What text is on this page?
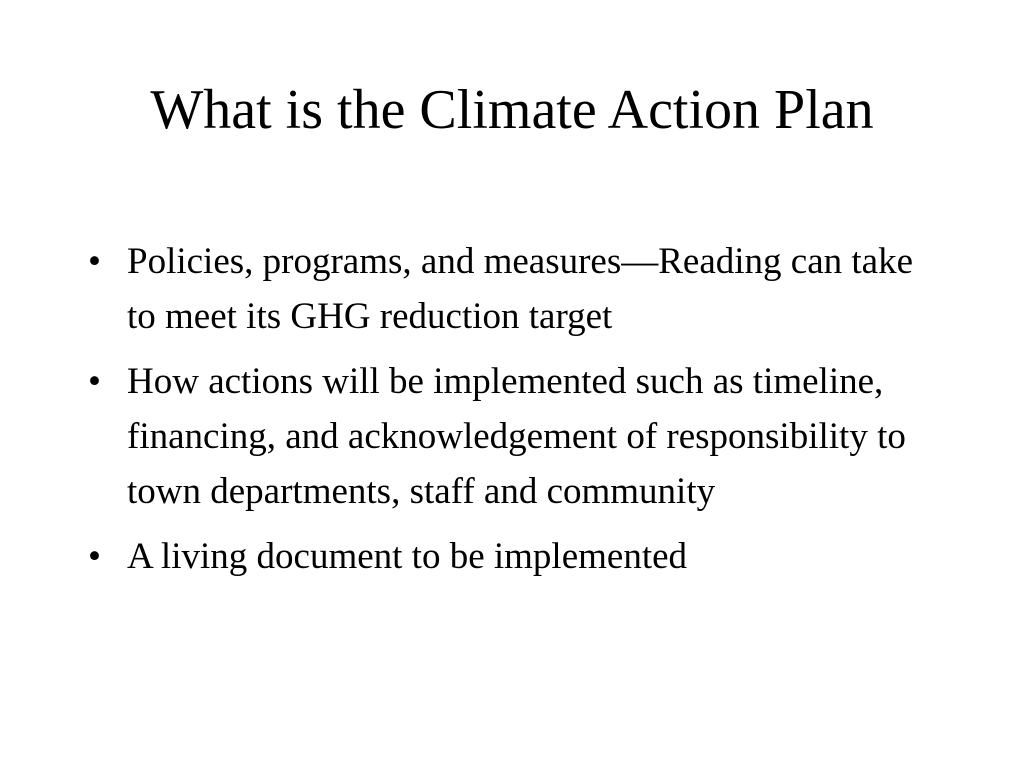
What is the Climate Action Plan
• Policies, programs, and measures—Reading can take to meet its GHG reduction target
• How actions will be implemented such as timeline, financing, and acknowledgement of responsibility to town departments, staff and community
• A living document to be implemented
